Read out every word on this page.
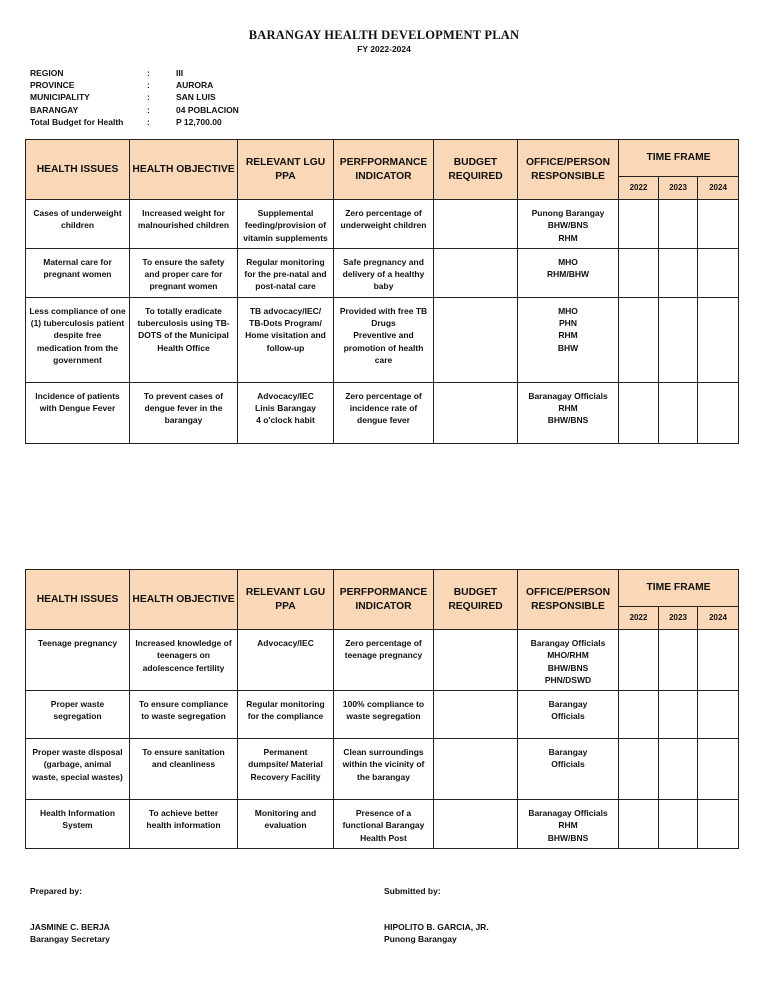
BARANGAY HEALTH DEVELOPMENT PLAN
FY 2022-2024
REGION	:	III
PROVINCE	:	AURORA
MUNICIPALITY	:	SAN LUIS
BARANGAY	:	04 POBLACION
Total Budget for Health	:	P 12,700.00
HEALTH ISSUES	HEALTH OBJECTIVE	RELEVANT LGU
PPA	PERFPORMANCE
INDICATOR	BUDGET
REQUIRED	OFFICE/PERSON
RESPONSIBLE	TIME FRAME		
						2022	2023	2024

Cases of underweight
children	Increased weight for
malnourished children	Supplemental
feeding/provision of
vitamin supplements	Zero percentage of
underweight children		Punong Barangay
BHW/BNS
RHM			

Maternal care for
pregnant women	To ensure the safety
and proper care for
pregnant women	Regular monitoring
for the pre-natal and
post-natal care	Safe pregnancy and
delivery of a healthy
baby		MHO
RHM/BHW			

Less compliance of one
(1) tuberculosis patient
despite free
medication from the
government	To totally eradicate
tuberculosis using TB-
DOTS of the Municipal
Health Office	TB advocacy/IEC/
TB-Dots Program/
Home visitation and
follow-up	Provided with free TB
Drugs
Preventive and
promotion of health
care		MHO
PHN
RHM
BHW			

Incidence of patients
with Dengue Fever	To prevent cases of
dengue fever in the
barangay	Advocacy/IEC
Linis Barangay
4 o'clock habit	Zero percentage of
incidence rate of
dengue fever		Baranagay Officials
RHM
BHW/BNS			

HEALTH ISSUES	HEALTH OBJECTIVE	RELEVANT LGU
PPA	PERFPORMANCE
INDICATOR	BUDGET
REQUIRED	OFFICE/PERSON
RESPONSIBLE	TIME FRAME		
						2022	2023	2024

Teenage pregnancy	Increased knowledge of
teenagers on
adolescence fertility	Advocacy/IEC	Zero percentage of
teenage pregnancy		Barangay Officials
MHO/RHM
BHW/BNS
PHN/DSWD			

Proper waste
segregation	To ensure compliance
to waste segregation	Regular monitoring
for the compliance	100% compliance to
waste segregation		Barangay
Officials			

Proper waste disposal
(garbage, animal
waste, special wastes)	To ensure sanitation
and cleanliness	Permanent
dumpsite/ Material
Recovery Facility	Clean surroundings
within the vicinity of
the barangay		Barangay
Officials			

Health Information
System	To achieve better
health information	Monitoring and
evaluation	Presence of a
functional Barangay
Health Post		Baranagay Officials
RHM
BHW/BNS			

Prepared by:
JASMINE C. BERJA
Barangay Secretary
Submitted by:
HIPOLITO B. GARCIA, JR.
Punong Barangay
